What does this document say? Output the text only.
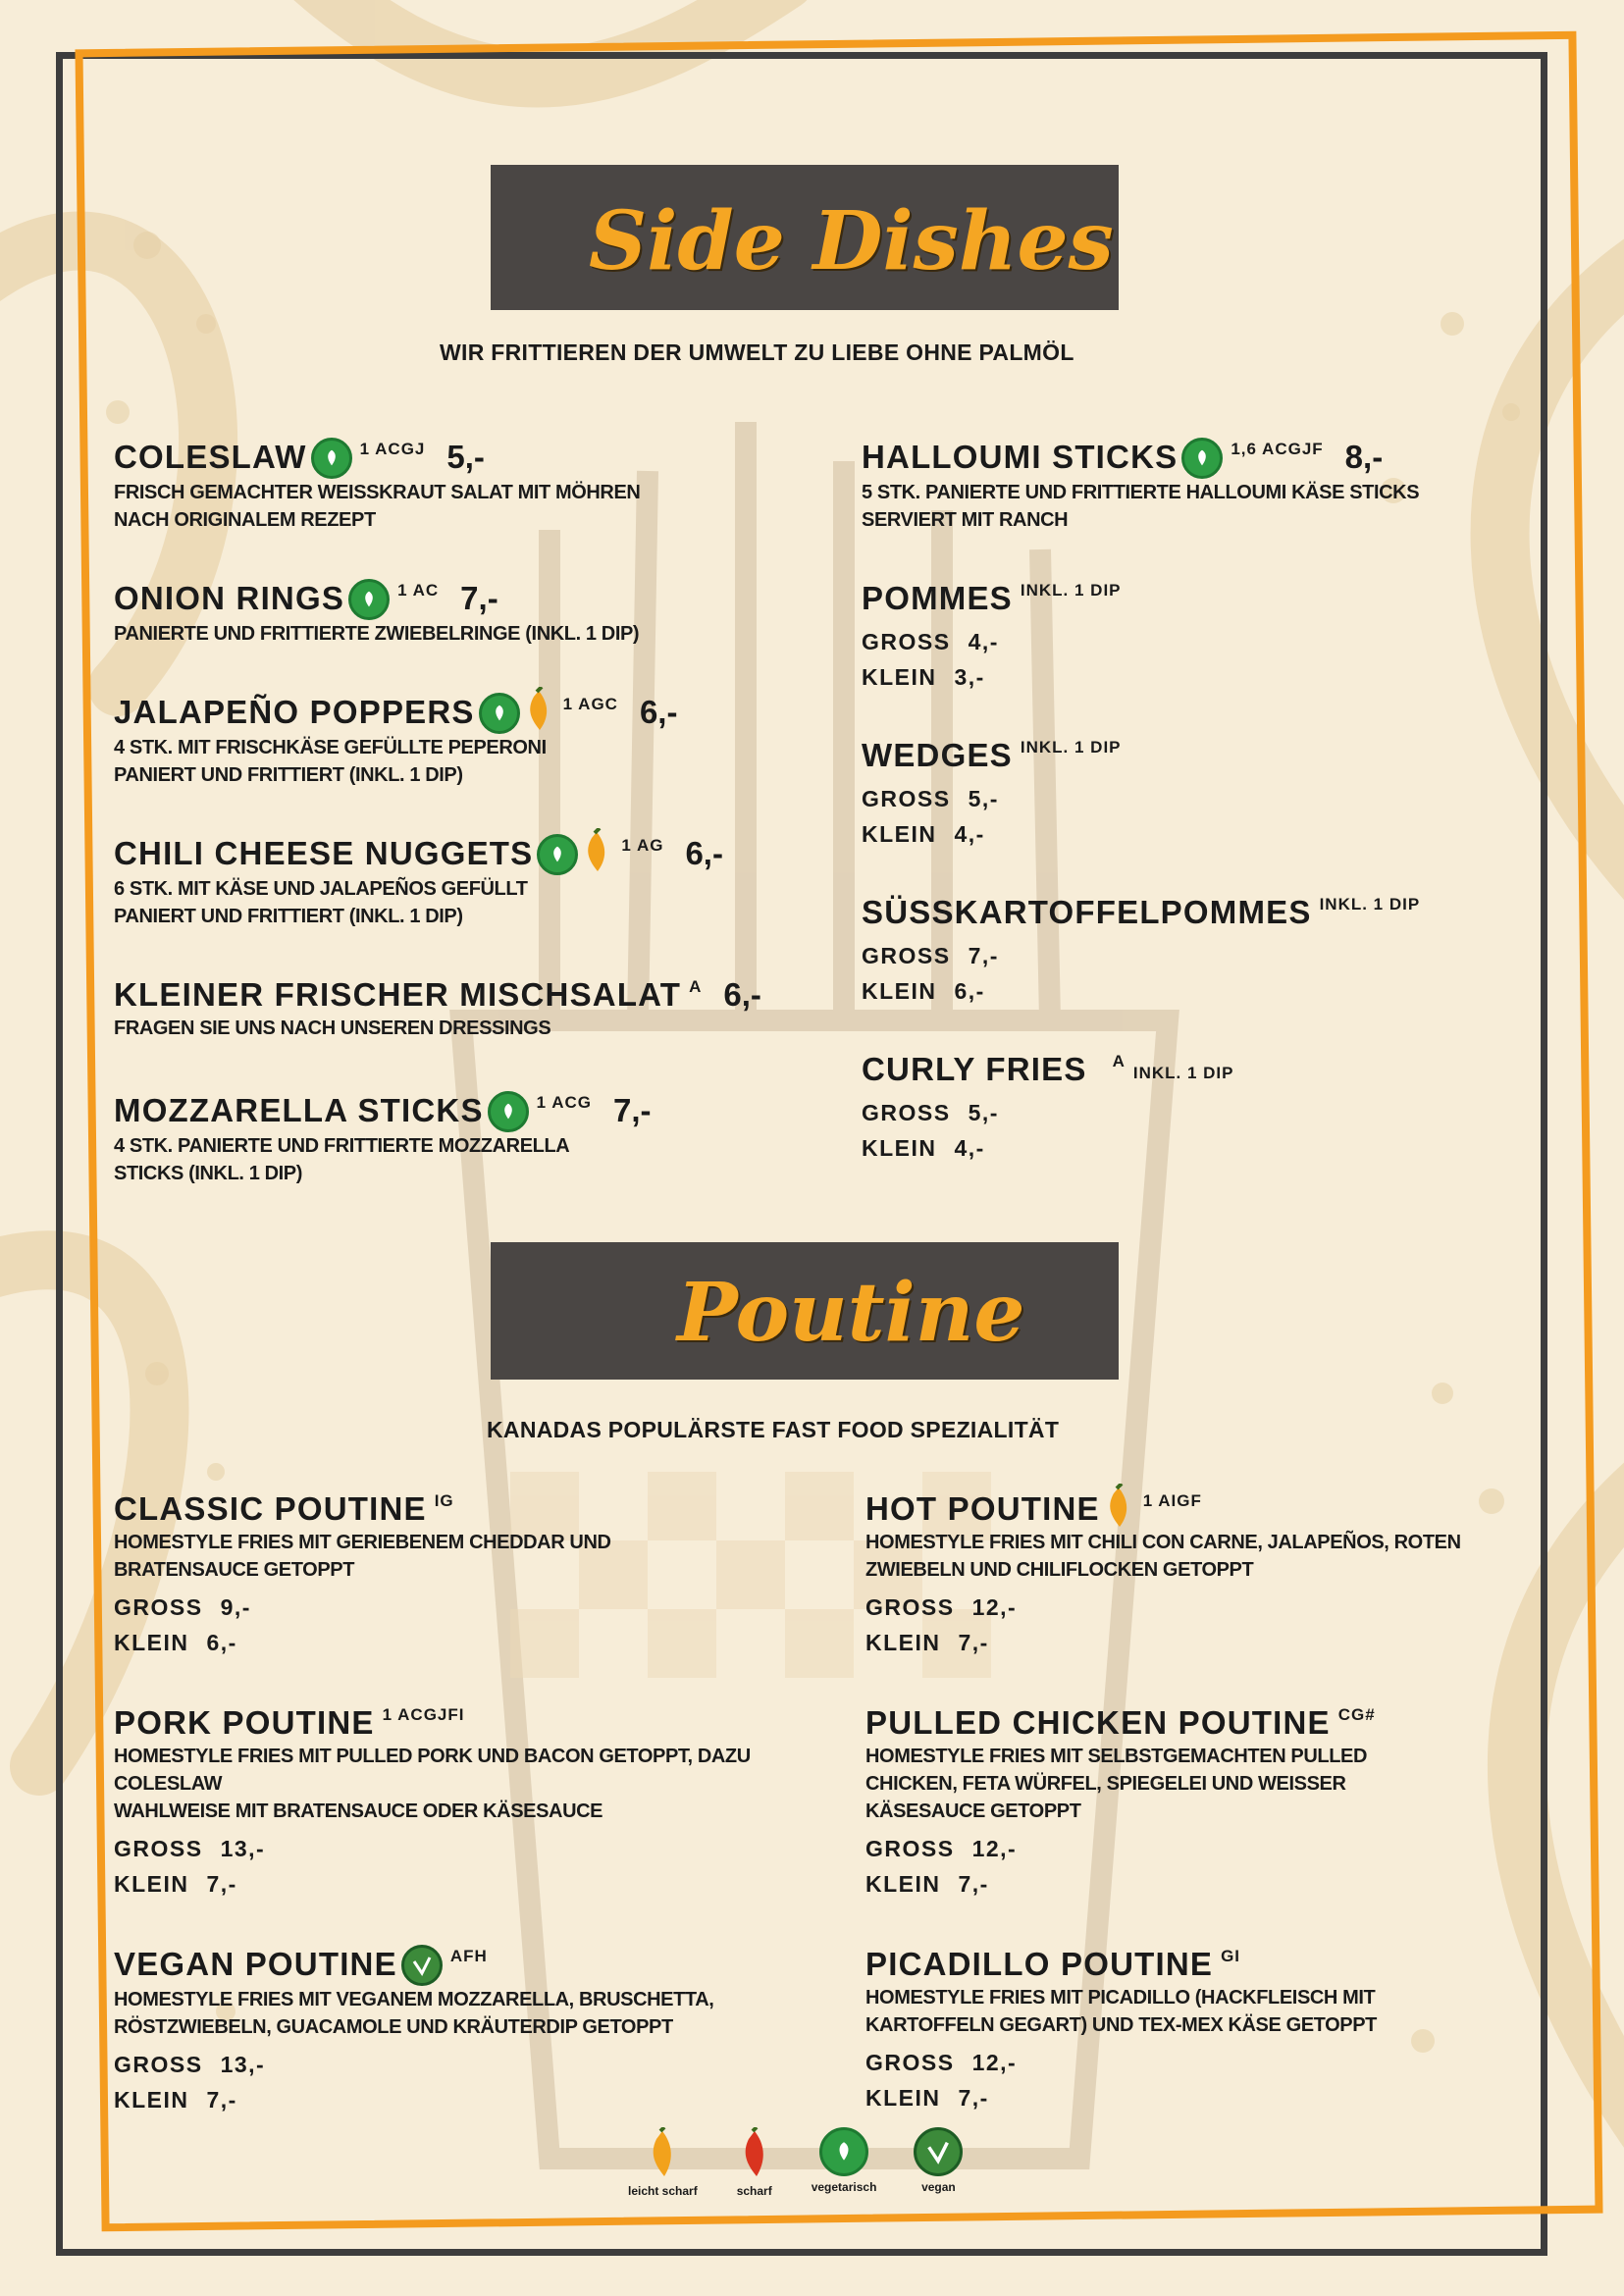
Side Dishes
WIR FRITTIEREN DER UMWELT ZU LIEBE OHNE PALMÖL
COLESLAW	1 ACGJ 5,-
FRISCH GEMACHTER WEISSKRAUT SALAT MIT MÖHREN
NACH ORIGINALEM REZEPT
ONION RINGS	1 AC 7,-
PANIERTE UND FRITTIERTE ZWIEBELRINGE (INKL. 1 DIP)
JALAPEÑO POPPERS	1 AGC 6,-
4 STK. MIT FRISCHKÄSE GEFÜLLTE PEPERONI
PANIERT UND FRITTIERT (INKL. 1 DIP)
CHILI CHEESE NUGGETS	1 AG 6,-
6 STK. MIT KÄSE UND JALAPEÑOS GEFÜLLT
PANIERT UND FRITTIERT (INKL. 1 DIP)
KLEINER FRISCHER MISCHSALAT A 6,-
FRAGEN SIE UNS NACH UNSEREN DRESSINGS
MOZZARELLA STICKS	1 ACG 7,-
4 STK. PANIERTE UND FRITTIERTE MOZZARELLA
STICKS (INKL. 1 DIP)
HALLOUMI STICKS	1,6 ACGJF 8,-
5 STK. PANIERTE UND FRITTIERTE HALLOUMI KÄSE STICKS
SERVIERT MIT RANCH
POMMES INKL. 1 DIP
GROSS 4,-
KLEIN 3,-
WEDGES INKL. 1 DIP
GROSS 5,-
KLEIN 4,-
SÜSSKARTOFFELPOMMES INKL. 1 DIP
GROSS 7,-
KLEIN 6,-
CURLY FRIES A
INKL. 1 DIP
GROSS 5,-
KLEIN 4,-
Poutine
KANADAS POPULÄRSTE FAST FOOD SPEZIALITÄT
CLASSIC POUTINE IG
HOMESTYLE FRIES MIT GERIEBENEM CHEDDAR UND
BRATENSAUCE GETOPPT
GROSS 9,-
KLEIN 6,-
PORK POUTINE 1 ACGJFI
HOMESTYLE FRIES MIT PULLED PORK UND BACON GETOPPT, DAZU
COLESLAW
WAHLWEISE MIT BRATENSAUCE ODER KÄSESAUCE
GROSS 13,-
KLEIN 7,-
VEGAN POUTINE	AFH
HOMESTYLE FRIES MIT VEGANEM MOZZARELLA, BRUSCHETTA,
RÖSTZWIEBELN, GUACAMOLE UND KRÄUTERDIP GETOPPT
GROSS 13,-
KLEIN 7,-
HOT POUTINE	1 AIGF
HOMESTYLE FRIES MIT CHILI CON CARNE, JALAPEÑOS, ROTEN
ZWIEBELN UND CHILIFLOCKEN GETOPPT
GROSS 12,-
KLEIN 7,-
PULLED CHICKEN POUTINE CG#
HOMESTYLE FRIES MIT SELBSTGEMACHTEN PULLED
CHICKEN, FETA WÜRFEL, SPIEGELEI UND WEISSER
KÄSESAUCE GETOPPT
GROSS 12,-
KLEIN 7,-
PICADILLO POUTINE GI
HOMESTYLE FRIES MIT PICADILLO (HACKFLEISCH MIT
KARTOFFELN GEGART) UND TEX-MEX KÄSE GETOPPT
GROSS 12,-
KLEIN 7,-
leicht scharf	scharf	vegetarisch	vegan
